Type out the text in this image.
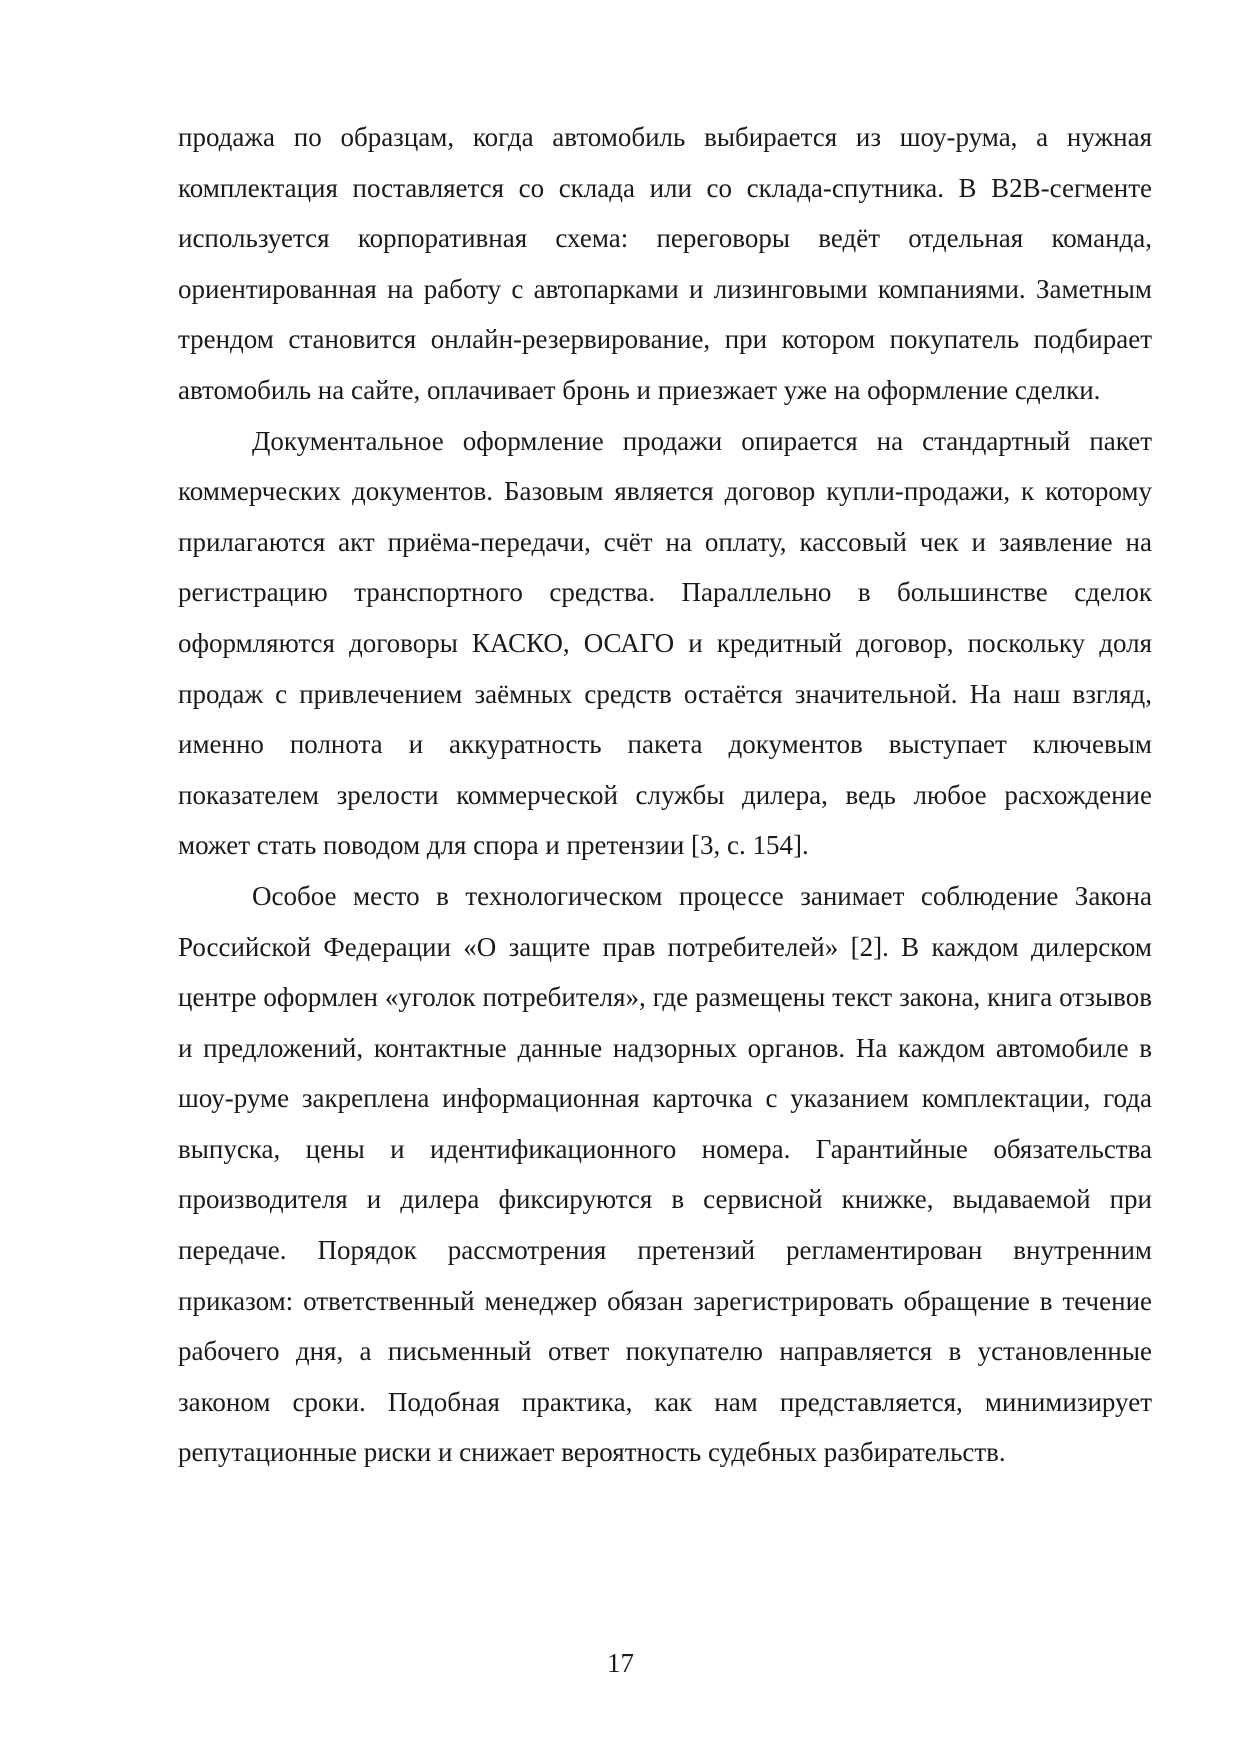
продажа по образцам, когда автомобиль выбирается из шоу-рума, а нужная комплектация поставляется со склада или со склада-спутника. В B2B-сегменте используется корпоративная схема: переговоры ведёт отдельная команда, ориентированная на работу с автопарками и лизинговыми компаниями. Заметным трендом становится онлайн-резервирование, при котором покупатель подбирает автомобиль на сайте, оплачивает бронь и приезжает уже на оформление сделки.

Документальное оформление продажи опирается на стандартный пакет коммерческих документов. Базовым является договор купли-продажи, к которому прилагаются акт приёма-передачи, счёт на оплату, кассовый чек и заявление на регистрацию транспортного средства. Параллельно в большинстве сделок оформляются договоры КАСКО, ОСАГО и кредитный договор, поскольку доля продаж с привлечением заёмных средств остаётся значительной. На наш взгляд, именно полнота и аккуратность пакета документов выступает ключевым показателем зрелости коммерческой службы дилера, ведь любое расхождение может стать поводом для спора и претензии [3, с. 154].

Особое место в технологическом процессе занимает соблюдение Закона Российской Федерации «О защите прав потребителей» [2]. В каждом дилерском центре оформлен «уголок потребителя», где размещены текст закона, книга отзывов и предложений, контактные данные надзорных органов. На каждом автомобиле в шоу-руме закреплена информационная карточка с указанием комплектации, года выпуска, цены и идентификационного номера. Гарантийные обязательства производителя и дилера фиксируются в сервисной книжке, выдаваемой при передаче. Порядок рассмотрения претензий регламентирован внутренним приказом: ответственный менеджер обязан зарегистрировать обращение в течение рабочего дня, а письменный ответ покупателю направляется в установленные законом сроки. Подобная практика, как нам представляется, минимизирует репутационные риски и снижает вероятность судебных разбирательств.

17
